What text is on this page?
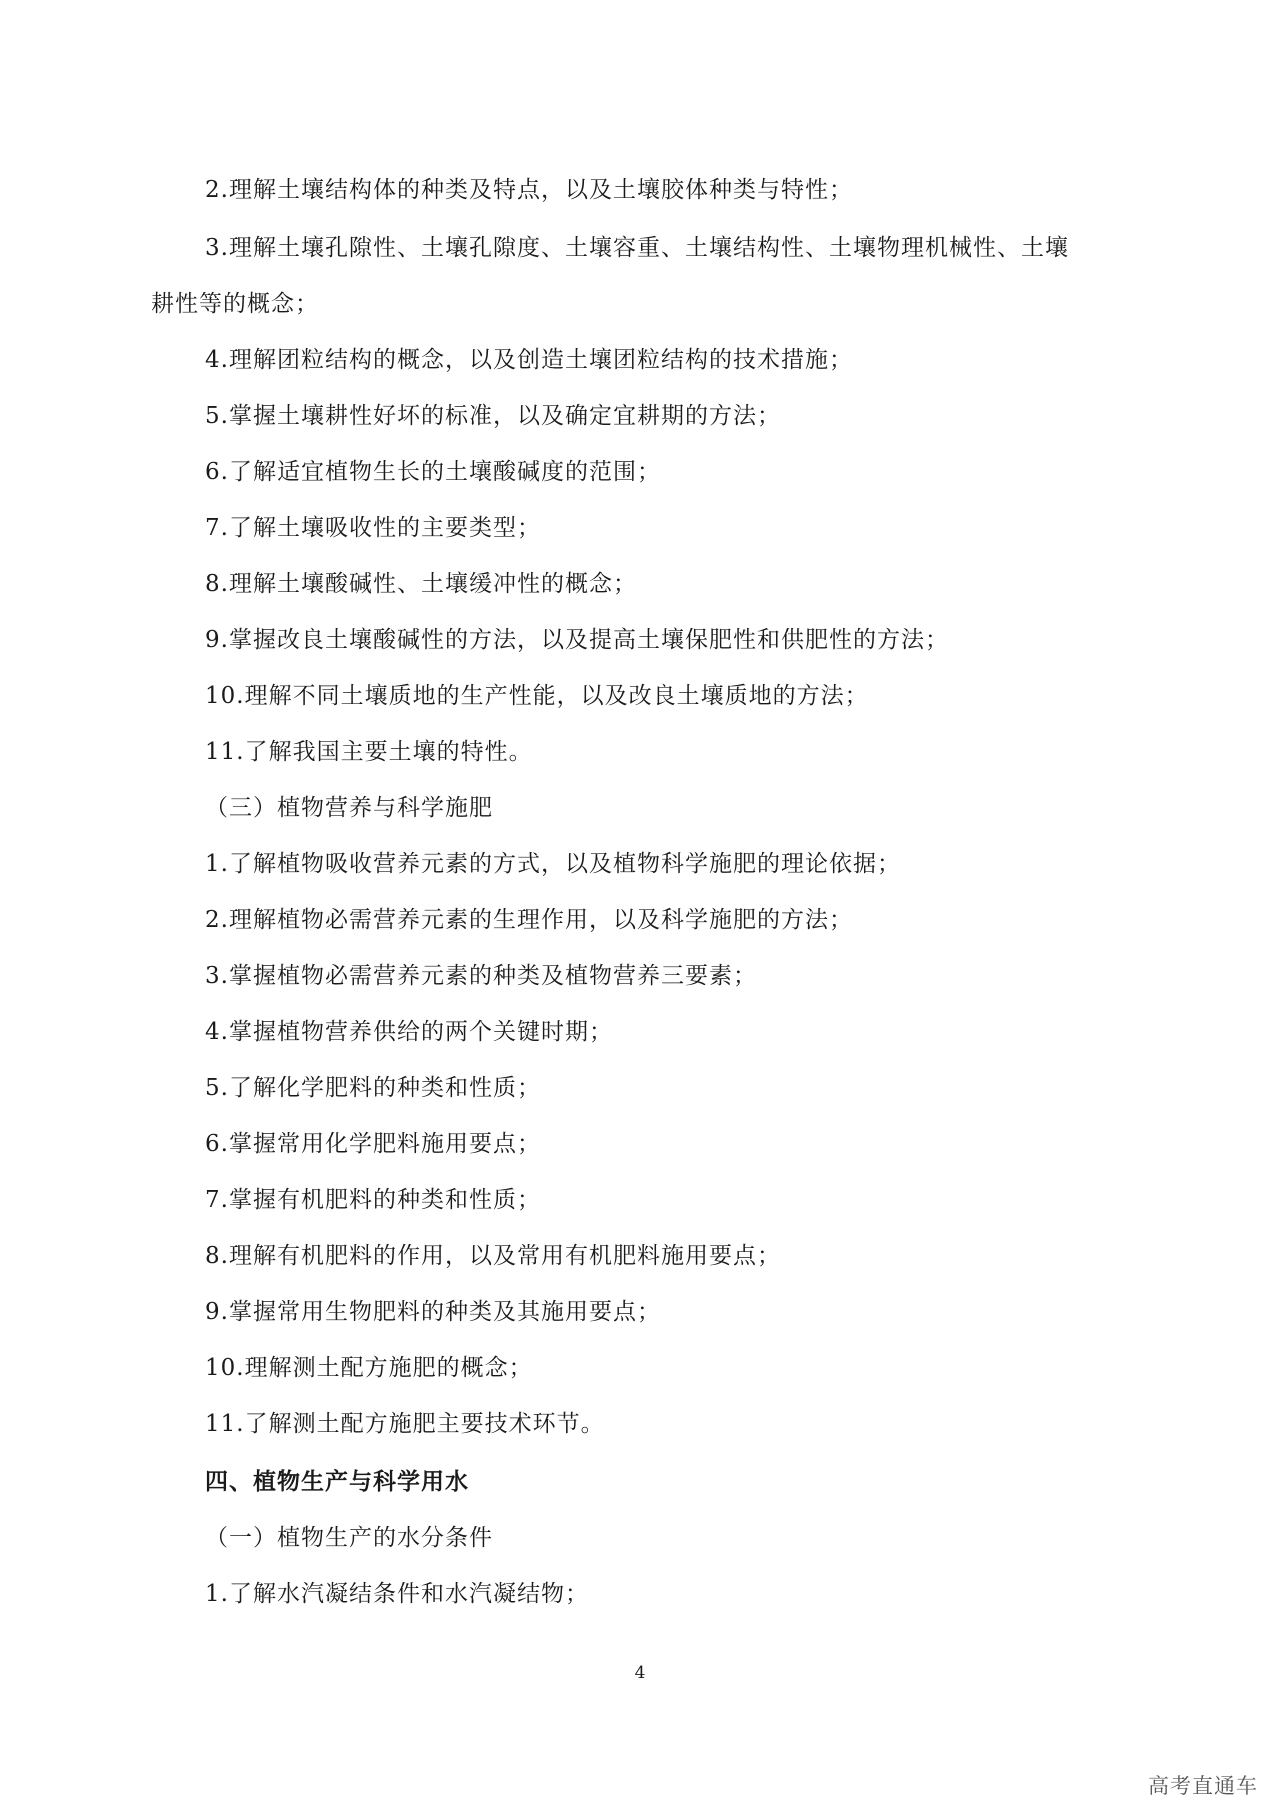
2.理解土壤结构体的种类及特点，以及土壤胶体种类与特性；
3.理解土壤孔隙性、土壤孔隙度、土壤容重、土壤结构性、土壤物理机械性、土壤
耕性等的概念；
4.理解团粒结构的概念，以及创造土壤团粒结构的技术措施；
5.掌握土壤耕性好坏的标准，以及确定宜耕期的方法；
6.了解适宜植物生长的土壤酸碱度的范围；
7.了解土壤吸收性的主要类型；
8.理解土壤酸碱性、土壤缓冲性的概念；
9.掌握改良土壤酸碱性的方法，以及提高土壤保肥性和供肥性的方法；
10.理解不同土壤质地的生产性能，以及改良土壤质地的方法；
11.了解我国主要土壤的特性。
（三）植物营养与科学施肥
1.了解植物吸收营养元素的方式，以及植物科学施肥的理论依据；
2.理解植物必需营养元素的生理作用，以及科学施肥的方法；
3.掌握植物必需营养元素的种类及植物营养三要素；
4.掌握植物营养供给的两个关键时期；
5.了解化学肥料的种类和性质；
6.掌握常用化学肥料施用要点；
7.掌握有机肥料的种类和性质；
8.理解有机肥料的作用，以及常用有机肥料施用要点；
9.掌握常用生物肥料的种类及其施用要点；
10.理解测土配方施肥的概念；
11.了解测土配方施肥主要技术环节。
四、植物生产与科学用水
（一）植物生产的水分条件
1.了解水汽凝结条件和水汽凝结物；
4
高考直通车
